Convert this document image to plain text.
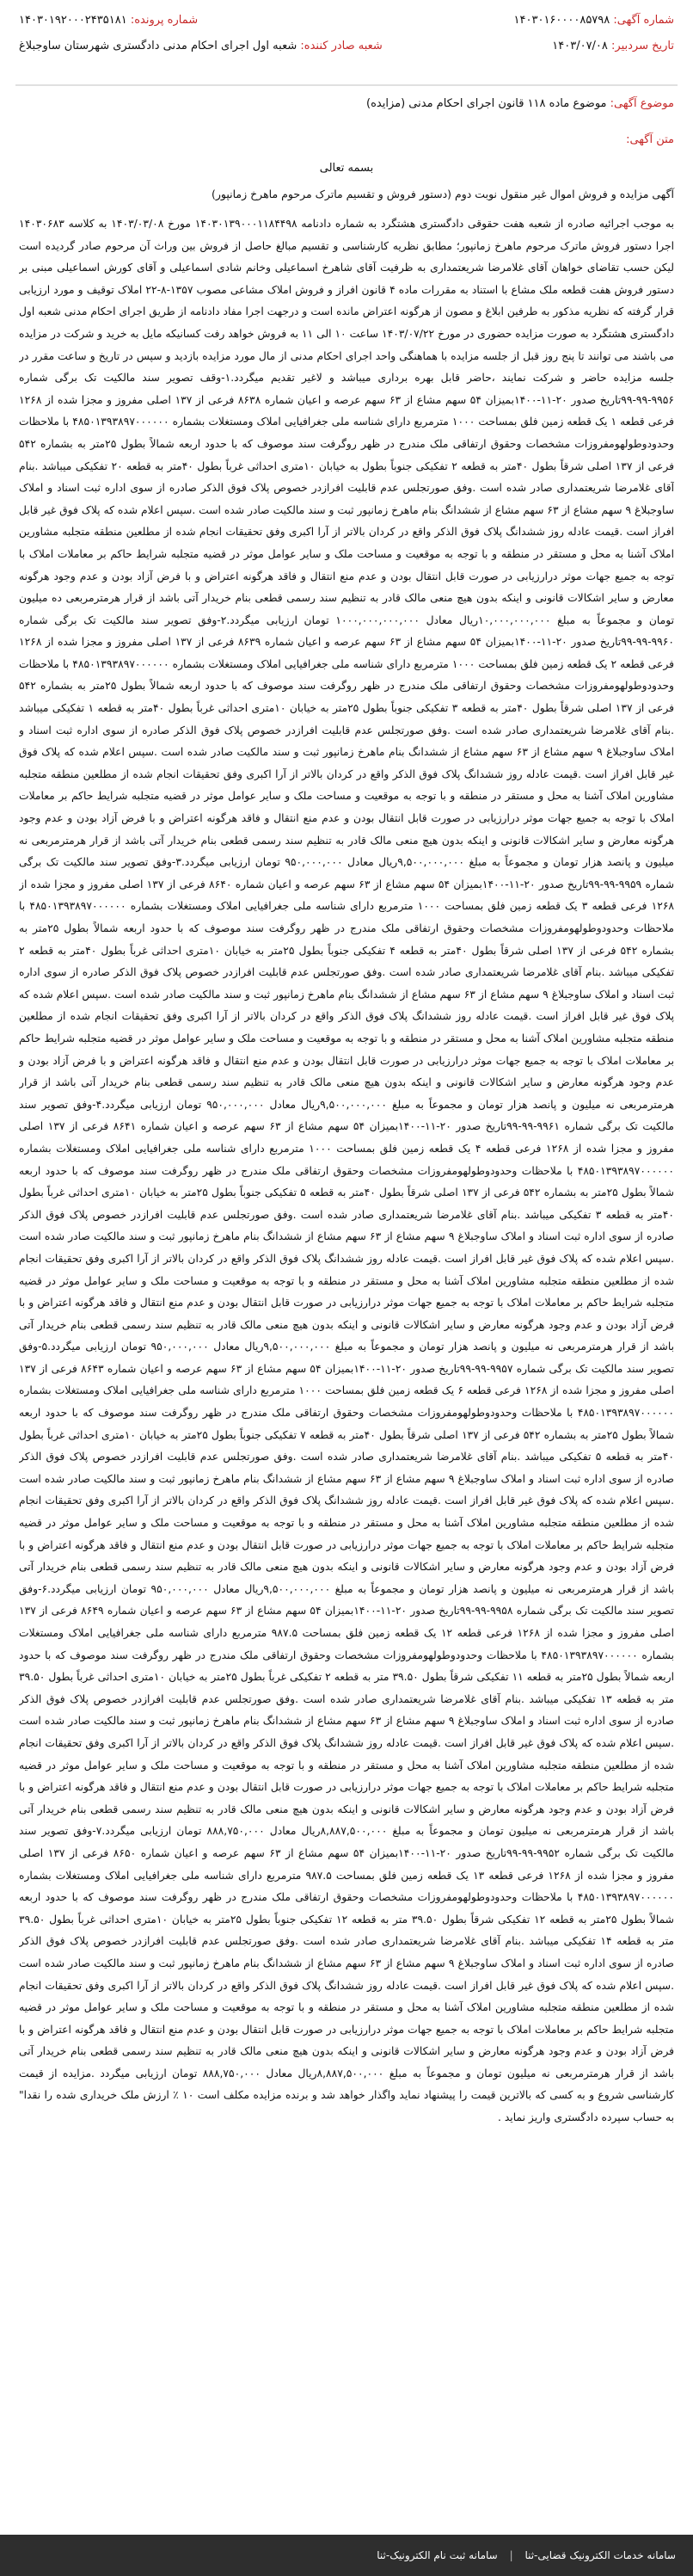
شماره آگهی: ۱۴۰۳۰۱۶۰۰۰۰۸۵۷۹۸
شماره پرونده: ۱۴۰۳۰۱۹۲۰۰۰۲۴۳۵۱۸۱
تاریخ سردبیر: ۱۴۰۳/۰۷/۰۸
شعبه صادر کننده: شعبه اول اجرای احکام مدنی دادگستری شهرستان ساوجبلاغ
موضوع آگهی: موضوع ماده ۱۱۸ قانون اجرای احکام مدنی (مزایده)
متن آگهی:
بسمه تعالی
آگهی مزایده و فروش اموال غیر منقول نوبت دوم (دستور فروش و تقسیم ماترک مرحوم ماهرخ زمانپور)
به موجب اجرائیه صادره از شعبه هفت حقوقی دادگستری هشتگرد به شماره دادنامه ۱۴۰۳۰۱۳۹۰۰۰۱۱۸۴۴۹۸ مورخ ۱۴۰۳/۰۳/۰۸ به کلاسه ۱۴۰۳۰۶۸۳ اجرا دستور فروش ماترک مرحوم ماهرخ زمانپور؛ مطابق نظریه کارشناسی و تقسیم مبالغ حاصل از فروش بین وراث آن مرحوم صادر گردیده است لیکن حسب تقاضای خواهان آقای غلامرضا شریعتمداری به ظرفیت آقای شاهرخ اسماعیلی وخانم شادی اسماعیلی و آقای کورش اسماعیلی مبنی بر دستور فروش هفت قطعه ملک مشاع با استناد به مقررات ماده ۴ قانون افراز و فروش املاک مشاعی مصوب ۱۳۵۷-۸-۲۲ املاک توقیف و مورد ارزیابی قرار گرفته که نظریه مذکور به طرفین ابلاغ و مصون از هرگونه اعتراض مانده است و درجهت اجرا مفاد دادنامه از طریق اجرای احکام مدنی شعبه اول دادگستری هشتگرد به صورت مزایده حضوری در مورخ ۱۴۰۳/۰۷/۲۲ ساعت ۱۰ الی ۱۱ به فروش خواهد رفت کسانیکه مایل به خرید و شرکت در مزایده می باشند می توانند تا پنج روز قبل از جلسه مزایده با هماهنگی واحد اجرای احکام مدنی از مال مورد مزایده بازدید و سپس در تاریخ و ساعت مقرر در جلسه مزایده حاضر و شرکت نمایند ،حاضر قابل بهره برداری میباشد و لاغیر تقدیم میگردد.۱-وقف تصویر سند مالکیت تک برگی شماره ۹۹۵۶-۹۹-۹۹تاریخ صدور ۲۰-۱۱-۱۴۰۰بمیزان ۵۴ سهم مشاع از ۶۳ سهم عرصه و اعیان شماره ۸۶۳۸ فرعی از ۱۳۷ اصلی مفروز و مجزا شده از ۱۲۶۸ فرعی قطعه ۱ یک قطعه زمین فلق بمساحت ۱۰۰۰ مترمربع دارای شناسه ملی جغرافیایی املاک ومستغلات بشماره ۴۸۵۰۱۳۹۳۸۹۷۰۰۰۰۰۰ با ملاحظات وحدودوطولهومفروزات مشخصات وحقوق ارتفاقی ملک مندرج در ظهر روگرفت سند موصوف که با حدود اربعه شمالاً بطول ۲۵متر به بشماره ۵۴۲ فرعی از ۱۳۷ اصلی شرقاً بطول ۴۰متر به قطعه ۲ تفکیکی جنوباً بطول به خیابان ۱۰متری احداثی غرباً بطول ۴۰متر به قطعه ۲۰ تفکیکی میباشد .بنام آقای غلامرضا شریعتمداری صادر شده است .وفق صورتجلس عدم قابلیت افرازدر خصوص پلاک فوق الذکر صادره از سوی اداره ثبت اسناد و املاک ساوجبلاغ ۹ سهم مشاع از ۶۳ سهم مشاع از ششدانگ بنام ماهرخ زمانپور ثبت و سند مالکیت صادر شده است .سپس اعلام شده که پلاک فوق غیر قابل افراز است .قیمت عادله روز ششدانگ پلاک فوق الذکر واقع در کردان بالاتر از آرا اکبری وفق تحقیقات انجام شده از مطلعین منطقه متجلبه مشاورین املاک آشنا به محل و مستقر در منطقه و با توجه به موقعیت و مساحت ملک و سایر عوامل موثر در قضیه متجلبه شرایط حاکم بر معاملات املاک با توجه به جمیع جهات موثر درارزیابی در صورت قابل انتقال بودن و عدم منع انتقال و فاقد هرگونه اعتراض و با فرض آزاد بودن و عدم وجود هرگونه معارض و سایر اشکالات قانونی و اینکه بدون هیچ منعی مالک قادر به تنظیم سند رسمی قطعی بنام خریدار آتی باشد از قرار هرمترمربعی ده میلیون تومان و مجموعاً به مبلغ ۱۰,۰۰۰,۰۰۰,۰۰۰ریال معادل ۱۰۰۰,۰۰۰,۰۰۰,۰۰۰ تومان ارزیابی میگردد.۲-وفق تصویر سند مالکیت تک برگی شماره ۹۹۶۰-۹۹-۹۹تاریخ صدور ۲۰-۱۱-۱۴۰۰بمیزان ۵۴ سهم مشاع از ۶۳ سهم عرصه و اعیان شماره ۸۶۳۹ فرعی از ۱۳۷ اصلی مفروز و مجزا شده از ۱۲۶۸ فرعی قطعه ۲ یک قطعه زمین فلق بمساحت ۱۰۰۰ مترمربع دارای شناسه ملی جغرافیایی املاک ومستغلات بشماره ۴۸۵۰۱۳۹۳۸۹۷۰۰۰۰۰۰ با ملاحظات وحدودوطولهومفروزات مشخصات وحقوق ارتفاقی ملک مندرج در ظهر روگرفت سند موصوف که با حدود اربعه شمالاً بطول ۲۵متر به بشماره ۵۴۲ فرعی از ۱۳۷ اصلی شرقاً بطول ۴۰متر به قطعه ۳ تفکیکی جنوباً بطول ۲۵متر به خیابان ۱۰متری احداثی غرباً بطول ۴۰متر به قطعه ۱ تفکیکی میباشد .بنام آقای غلامرضا شریعتمداری صادر شده است .وفق صورتجلس عدم قابلیت افرازدر خصوص پلاک فوق الذکر صادره از سوی اداره ثبت اسناد و املاک ساوجبلاغ ۹ سهم مشاع از ۶۳ سهم مشاع از ششدانگ بنام ماهرخ زمانپور ثبت و سند مالکیت صادر شده است .سپس اعلام شده که پلاک فوق غیر قابل افراز است .قیمت عادله روز ششدانگ پلاک فوق الذکر واقع در کردان بالاتر از آرا اکبری وفق تحقیقات انجام شده از مطلعین منطقه متجلبه مشاورین املاک آشنا به محل و مستقر در منطقه و با توجه به موقعیت و مساحت ملک و سایر عوامل موثر در قضیه متجلبه شرایط حاکم بر معاملات املاک با توجه به جمیع جهات موثر درارزیابی در صورت قابل انتقال بودن و عدم منع انتقال و فاقد هرگونه اعتراض و با فرض آزاد بودن و عدم وجود هرگونه معارض و سایر اشکالات قانونی و اینکه بدون هیچ منعی مالک قادر به تنظیم سند رسمی قطعی بنام خریدار آتی باشد از قرار هرمترمربعی نه میلیون و پانصد هزار تومان و مجموعاً به مبلغ ۹,۵۰۰,۰۰۰,۰۰۰ریال معادل ۹۵۰,۰۰۰,۰۰۰ تومان ارزیابی میگردد.۳-وفق تصویر سند مالکیت تک برگی شماره ۹۹۵۹-۹۹-۹۹تاریخ صدور ۲۰-۱۱-۱۴۰۰بمیزان ۵۴ سهم مشاع از ۶۳ سهم عرصه و اعیان شماره ۸۶۴۰ فرعی از ۱۳۷ اصلی مفروز و مجزا شده از ۱۲۶۸ فرعی قطعه ۳ یک قطعه زمین فلق بمساحت ۱۰۰۰ مترمربع دارای شناسه ملی جغرافیایی املاک ومستغلات بشماره ۴۸۵۰۱۳۹۳۸۹۷۰۰۰۰۰۰ با ملاحظات وحدودوطولهومفروزات مشخصات وحقوق ارتفاقی ملک مندرج در ظهر روگرفت سند موصوف که با حدود اربعه شمالاً بطول ۲۵متر به بشماره ۵۴۲ فرعی از ۱۳۷ اصلی شرقاً بطول ۴۰متر به قطعه ۴ تفکیکی جنوباً بطول ۲۵متر به خیابان ۱۰متری احداثی غرباً بطول ۴۰متر به قطعه ۲ تفکیکی میباشد .بنام آقای غلامرضا شریعتمداری صادر شده است .وفق صورتجلس عدم قابلیت افرازدر خصوص پلاک فوق الذکر صادره از سوی اداره ثبت اسناد و املاک ساوجبلاغ ۹ سهم مشاع از ۶۳ سهم مشاع از ششدانگ بنام ماهرخ زمانپور ثبت و سند مالکیت صادر شده است .سپس اعلام شده که پلاک فوق غیر قابل افراز است .قیمت عادله روز ششدانگ پلاک فوق الذکر واقع در کردان بالاتر از آرا اکبری وفق تحقیقات انجام شده از مطلعین منطقه متجلبه مشاورین املاک آشنا به محل و مستقر در منطقه و با توجه به موقعیت و مساحت ملک و سایر عوامل موثر در قضیه متجلبه شرایط حاکم بر معاملات املاک با توجه به جمیع جهات موثر درارزیابی در صورت قابل انتقال بودن و عدم منع انتقال و فاقد هرگونه اعتراض و با فرض آزاد بودن و عدم وجود هرگونه معارض و سایر اشکالات قانونی و اینکه بدون هیچ منعی مالک قادر به تنظیم سند رسمی قطعی بنام خریدار آتی باشد از قرار هرمترمربعی نه میلیون و پانصد هزار تومان و مجموعاً به مبلغ ۹,۵۰۰,۰۰۰,۰۰۰ریال معادل ۹۵۰,۰۰۰,۰۰۰ تومان ارزیابی میگردد.۴-وفق تصویر سند مالکیت تک برگی شماره ۹۹۶۱-۹۹-۹۹تاریخ صدور ۲۰-۱۱-۱۴۰۰بمیزان ۵۴ سهم مشاع از ۶۳ سهم عرصه و اعیان شماره ۸۶۴۱ فرعی از ۱۳۷ اصلی مفروز و مجزا شده از ۱۲۶۸ فرعی قطعه ۴ یک قطعه زمین فلق بمساحت ۱۰۰۰ مترمربع دارای شناسه ملی جغرافیایی املاک ومستغلات بشماره ۴۸۵۰۱۳۹۳۸۹۷۰۰۰۰۰۰ با ملاحظات وحدودوطولهومفروزات مشخصات وحقوق ارتفاقی ملک مندرج در ظهر روگرفت سند موصوف که با حدود اربعه شمالاً بطول ۲۵متر به بشماره ۵۴۲ فرعی از ۱۳۷ اصلی شرقاً بطول ۴۰متر به قطعه ۵ تفکیکی جنوباً بطول ۲۵متر به خیابان ۱۰متری احداثی غرباً بطول ۴۰متر به قطعه ۳ تفکیکی میباشد .بنام آقای غلامرضا شریعتمداری صادر شده است .وفق صورتجلس عدم قابلیت افرازدر خصوص پلاک فوق الذکر صادره از سوی اداره ثبت اسناد و املاک ساوجبلاغ ۹ سهم مشاع از ۶۳ سهم مشاع از ششدانگ بنام ماهرخ زمانپور ثبت و سند مالکیت صادر شده است .سپس اعلام شده که پلاک فوق غیر قابل افراز است .قیمت عادله روز ششدانگ پلاک فوق الذکر واقع در کردان بالاتر از آرا اکبری وفق تحقیقات انجام شده از مطلعین منطقه متجلبه مشاورین املاک آشنا به محل و مستقر در منطقه و با توجه به موقعیت و مساحت ملک و سایر عوامل موثر در قضیه متجلبه شرایط حاکم بر معاملات املاک با توجه به جمیع جهات موثر درارزیابی در صورت قابل انتقال بودن و عدم منع انتقال و فاقد هرگونه اعتراض و با فرض آزاد بودن و عدم وجود هرگونه معارض و سایر اشکالات قانونی و اینکه بدون هیچ منعی مالک قادر به تنظیم سند رسمی قطعی بنام خریدار آتی باشد از قرار هرمترمربعی نه میلیون و پانصد هزار تومان و مجموعاً به مبلغ ۹,۵۰۰,۰۰۰,۰۰۰ریال معادل ۹۵۰,۰۰۰,۰۰۰ تومان ارزیابی میگردد.۵-وفق تصویر سند مالکیت تک برگی شماره ۹۹۵۷-۹۹-۹۹تاریخ صدور ۲۰-۱۱-۱۴۰۰بمیزان ۵۴ سهم مشاع از ۶۳ سهم عرصه و اعیان شماره ۸۶۴۳ فرعی از ۱۳۷ اصلی مفروز و مجزا شده از ۱۲۶۸ فرعی قطعه ۶ یک قطعه زمین فلق بمساحت ۱۰۰۰ مترمربع دارای شناسه ملی جغرافیایی املاک ومستغلات بشماره ۴۸۵۰۱۳۹۳۸۹۷۰۰۰۰۰۰ با ملاحظات وحدودوطولهومفروزات مشخصات وحقوق ارتفاقی ملک مندرج در ظهر روگرفت سند موصوف که با حدود اربعه شمالاً بطول ۲۵متر به بشماره ۵۴۲ فرعی از ۱۳۷ اصلی شرقاً بطول ۴۰متر به قطعه ۷ تفکیکی جنوباً بطول ۲۵متر به خیابان ۱۰متری احداثی غرباً بطول ۴۰متر به قطعه ۵ تفکیکی میباشد .بنام آقای غلامرضا شریعتمداری صادر شده است .وفق صورتجلس عدم قابلیت افرازدر خصوص پلاک فوق الذکر صادره از سوی اداره ثبت اسناد و املاک ساوجبلاغ ۹ سهم مشاع از ۶۳ سهم مشاع از ششدانگ بنام ماهرخ زمانپور ثبت و سند مالکیت صادر شده است .سپس اعلام شده که پلاک فوق غیر قابل افراز است .قیمت عادله روز ششدانگ پلاک فوق الذکر واقع در کردان بالاتر از آرا اکبری وفق تحقیقات انجام شده از مطلعین منطقه متجلبه مشاورین املاک آشنا به محل و مستقر در منطقه و با توجه به موقعیت و مساحت ملک و سایر عوامل موثر در قضیه متجلبه شرایط حاکم بر معاملات املاک با توجه به جمیع جهات موثر درارزیابی در صورت قابل انتقال بودن و عدم منع انتقال و فاقد هرگونه اعتراض و با فرض آزاد بودن و عدم وجود هرگونه معارض و سایر اشکالات قانونی و اینکه بدون هیچ منعی مالک قادر به تنظیم سند رسمی قطعی بنام خریدار آتی باشد از قرار هرمترمربعی نه میلیون و پانصد هزار تومان و مجموعاً به مبلغ ۹,۵۰۰,۰۰۰,۰۰۰ریال معادل ۹۵۰,۰۰۰,۰۰۰ تومان ارزیابی میگردد.۶-وفق تصویر سند مالکیت تک برگی شماره ۹۹۵۸-۹۹-۹۹تاریخ صدور ۲۰-۱۱-۱۴۰۰بمیزان ۵۴ سهم مشاع از ۶۳ سهم عرصه و اعیان شماره ۸۶۴۹ فرعی از ۱۳۷ اصلی مفروز و مجزا شده از ۱۲۶۸ فرعی قطعه ۱۲ یک قطعه زمین فلق بمساحت ۹۸۷.۵ مترمربع دارای شناسه ملی جغرافیایی املاک ومستغلات بشماره ۴۸۵۰۱۳۹۳۸۹۷۰۰۰۰۰۰ با ملاحظات وحدودوطولهومفروزات مشخصات وحقوق ارتفاقی ملک مندرج در ظهر روگرفت سند موصوف که با حدود اربعه شمالاً بطول ۲۵متر به قطعه ۱۱ تفکیکی شرقاً بطول ۳۹.۵۰ متر به قطعه ۲ تفکیکی غرباً بطول ۲۵متر به خیابان ۱۰متری احداثی غرباً بطول ۳۹.۵۰ متر به قطعه ۱۳ تفکیکی میباشد .بنام آقای غلامرضا شریعتمداری صادر شده است .وفق صورتجلس عدم قابلیت افرازدر خصوص پلاک فوق الذکر صادره از سوی اداره ثبت اسناد و املاک ساوجبلاغ ۹ سهم مشاع از ۶۳ سهم مشاع از ششدانگ بنام ماهرخ زمانپور ثبت و سند مالکیت صادر شده است .سپس اعلام شده که پلاک فوق غیر قابل افراز است .قیمت عادله روز ششدانگ پلاک فوق الذکر واقع در کردان بالاتر از آرا اکبری وفق تحقیقات انجام شده از مطلعین منطقه متجلبه مشاورین املاک آشنا به محل و مستقر در منطقه و با توجه به موقعیت و مساحت ملک و سایر عوامل موثر در قضیه متجلبه شرایط حاکم بر معاملات املاک با توجه به جمیع جهات موثر درارزیابی در صورت قابل انتقال بودن و عدم منع انتقال و فاقد هرگونه اعتراض و با فرض آزاد بودن و عدم وجود هرگونه معارض و سایر اشکالات قانونی و اینکه بدون هیچ منعی مالک قادر به تنظیم سند رسمی قطعی بنام خریدار آتی باشد از قرار هرمترمربعی نه میلیون تومان و مجموعاً به مبلغ ۸,۸۸۷,۵۰۰,۰۰۰ریال معادل ۸۸۸,۷۵۰,۰۰۰ تومان ارزیابی میگردد.۷-وفق تصویر سند مالکیت تک برگی شماره ۹۹۵۲-۹۹-۹۹تاریخ صدور ۲۰-۱۱-۱۴۰۰بمیزان ۵۴ سهم مشاع از ۶۳ سهم عرصه و اعیان شماره ۸۶۵۰ فرعی از ۱۳۷ اصلی مفروز و مجزا شده از ۱۲۶۸ فرعی قطعه ۱۳ یک قطعه زمین فلق بمساحت ۹۸۷.۵ مترمربع دارای شناسه ملی جغرافیایی املاک ومستغلات بشماره ۴۸۵۰۱۳۹۳۸۹۷۰۰۰۰۰۰ با ملاحظات وحدودوطولهومفروزات مشخصات وحقوق ارتفاقی ملک مندرج در ظهر روگرفت سند موصوف که با حدود اربعه شمالاً بطول ۲۵متر به قطعه ۱۲ تفکیکی شرقاً بطول ۳۹.۵۰ متر به قطعه ۱۲ تفکیکی جنوباً بطول ۲۵متر به خیابان ۱۰متری احداثی غرباً بطول ۳۹.۵۰ متر به قطعه ۱۴ تفکیکی میباشد .بنام آقای غلامرضا شریعتمداری صادر شده است .وفق صورتجلس عدم قابلیت افرازدر خصوص پلاک فوق الذکر صادره از سوی اداره ثبت اسناد و املاک ساوجبلاغ ۹ سهم مشاع از ۶۳ سهم مشاع از ششدانگ بنام ماهرخ زمانپور ثبت و سند مالکیت صادر شده است .سپس اعلام شده که پلاک فوق غیر قابل افراز است .قیمت عادله روز ششدانگ پلاک فوق الذکر واقع در کردان بالاتر از آرا اکبری وفق تحقیقات انجام شده از مطلعین منطقه متجلبه مشاورین املاک آشنا به محل و مستقر در منطقه و با توجه به موقعیت و مساحت ملک و سایر عوامل موثر در قضیه متجلبه شرایط حاکم بر معاملات املاک با توجه به جمیع جهات موثر درارزیابی در صورت قابل انتقال بودن و عدم منع انتقال و فاقد هرگونه اعتراض و با فرض آزاد بودن و عدم وجود هرگونه معارض و سایر اشکالات قانونی و اینکه بدون هیچ منعی مالک قادر به تنظیم سند رسمی قطعی بنام خریدار آتی باشد از قرار هرمترمربعی نه میلیون تومان و مجموعاً به مبلغ ۸,۸۸۷,۵۰۰,۰۰۰ریال معادل ۸۸۸,۷۵۰,۰۰۰ تومان ارزیابی میگردد .مزایده از قیمت کارشناسی شروع و به کسی که بالاترین قیمت را پیشنهاد نماید واگذار خواهد شد و برنده مزایده مکلف است ۱۰ ٪ ارزش ملک خریداری شده را نقدا" به حساب سپرده دادگستری واریز نماید .
سامانه خدمات الکترونیک قضایی-ثنا | سامانه ثبت نام الکترونیک-ثنا
